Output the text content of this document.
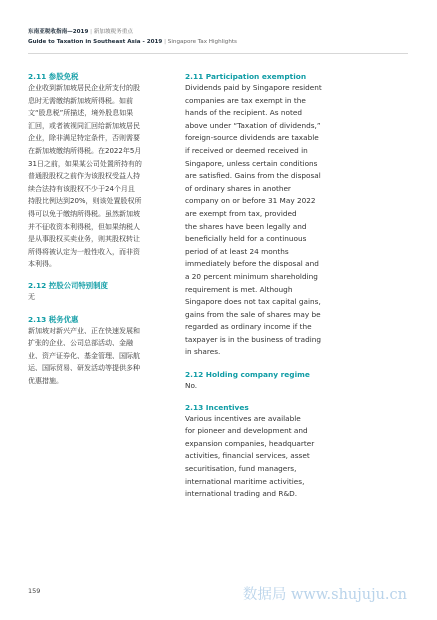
东南亚税收指南—2019 | 新加坡税务重点
Guide to Taxation in Southeast Asia - 2019 | Singapore Tax Highlights

2.11 参股免税

企业收到新加坡居民企业所支付的股
息时无需缴纳新加坡所得税。如前
文“股息税”所描述，境外股息如果
汇回，或者被视同汇回给新加坡居民
企业，除非满足特定条件，否则需要
在新加坡缴纳所得税。在2022年5月
31日之前，如果某公司处置所持有的
普通股股权之前作为该股权受益人持
续合法持有该股权不少于24个月且
持股比例达到20%，则该处置股权所
得可以免于缴纳所得税。虽然新加坡
并不征收资本利得税，但如果纳税人
是从事股权买卖业务，则其股权转让
所得将被认定为一般性收入，而非资
本利得。

2.12 控股公司特别制度

无

2.13 税务优惠

新加坡对新兴产业、正在快速发展和
扩张的企业、公司总部活动、金融
业、资产证券化、基金管理、国际航
运、国际贸易、研发活动等提供多种
优惠措施。

2.11 Participation exemption

Dividends paid by Singapore resident
companies are tax exempt in the
hands of the recipient. As noted
above under “Taxation of dividends,”
foreign-source dividends are taxable
if received or deemed received in
Singapore, unless certain conditions
are satisfied. Gains from the disposal
of ordinary shares in another
company on or before 31 May 2022
are exempt from tax, provided
the shares have been legally and
beneficially held for a continuous
period of at least 24 months
immediately before the disposal and
a 20 percent minimum shareholding
requirement is met. Although
Singapore does not tax capital gains,
gains from the sale of shares may be
regarded as ordinary income if the
taxpayer is in the business of trading
in shares.

2.12 Holding company regime

No.

2.13 Incentives

Various incentives are available
for pioneer and development and
expansion companies, headquarter
activities, financial services, asset
securitisation, fund managers,
international maritime activities,
international trading and R&D.
159	数据局 www.shujuju.cn
